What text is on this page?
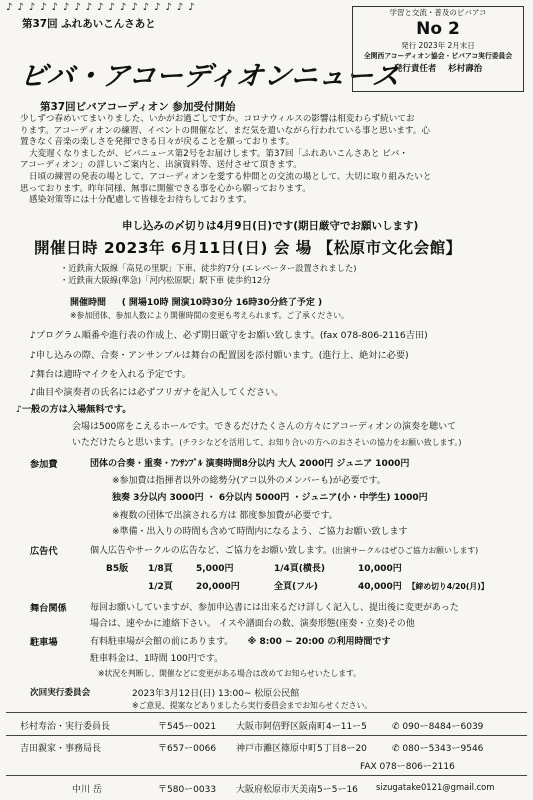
♪♪♪♪♪♪♪♪♪♪♪♪♪♪♪♪♪
第37回 ふれあいこんさあと
ビバ・アコーディオンニュース
学習と交流・普及のビバアコ
No 2
発行 2023年 2月末日
全関西アコーディオン協会・ビバアコ実行委員会
発行責任者 杉村壽治
第37回ビバアコーディオン 参加受付開始

少しずつ春めいてまいりました、いかがお過ごしですか。コロナウィルスの影響は相変わらず続いてお

ります。アコーディオンの練習、イベントの開催など、まだ気を遣いながら行われている事と思います。心

置きなく音楽の楽しさを発揮できる日々が戻ることを願っております。

大変遅くなりましたが、ビバニュース第2号をお届けします。第37回「ふれあいこんさあと ビバ・

アコーディオン」の詳しいご案内と、出演資料等、送付させて頂きます。

日頃の練習の発表の場として、アコーディオンを愛する仲間との交流の場として、大切に取り組みたいと

思っております。昨年同様、無事に開催できる事を心から願っております。

感染対策等には十分配慮して皆様をお待ちしております。

申し込みの〆切りは4月9日(日)です(期日厳守でお願いします)
開催日時 2023年 6月11日(日) 会 場 【松原市文化会館】
・近鉄南大阪線「高見の里駅」下車、徒歩約7分 (エレベーター設置されました)
・近鉄南大阪線(準急)「河内松原駅」駅下車 徒歩約12分
開催時間 ( 開場10時 開演10時30分 16時30分終了予定 )
※参加団体、参加人数により開催時間の変更も考えられます。ご了承ください。
♪プログラム順番や進行表の作成上、必ず期日厳守をお願い致します。(fax 078-806-2116吉田)
♪申し込みの際、合奏・アンサンブルは舞台の配置図を添付願います。(進行上、絶対に必要)
♪舞台は適時マイクを入れる予定です。
♪曲目や演奏者の氏名には必ずフリガナを記入してください。
♪一般の方は入場無料です。
会場は500席をこえるホールです。できるだけたくさんの方々にアコーディオンの演奏を聴いて
いただけたらと思います。(チラシなどを活用して、お知り合いの方へのおさそいの協力をお願い致します。)
参加費	団体の合奏・重奏・ｱﾝｻﾝﾌﾞﾙ 演奏時間8分以内 大人 2000円 ジュニア 1000円
※参加費は指揮者以外の総勢分(アコ以外のメンバーも)が必要です。
独奏 3分以内 3000円 ・ 6分以内 5000円 ・ジュニア(小・中学生) 1000円
※複数の団体で出演される方は 都度参加費が必要です。
※準備・出入りの時間も含めて時間内になるよう、ご協力お願い致します
広告代	個人広告やサークルの広告など、ご協力をお願い致します。(出演サークルはぜひご協力お願いします)
B5版 1/8頁	5,000円	1/4頁(横長)	10,000円
1/2頁	20,000円	全頁(フル)	40,000円 【締め切り4/20(月)】
舞台関係	毎回お願いしていますが、参加申込書には出来るだけ詳しく記入し、提出後に変更があった
場合は、速やかに連絡下さい。 イスや譜面台の数、演奏形態(座奏・立奏)その他
駐車場	有料駐車場が会館の前にあります。 ※ 8:00 ~ 20:00 の利用時間です
駐車料金は、1時間 100円です。
※状況を判断し、開催などに変更がある場合は改めてお知らせいたします。
次回実行委員会	2023年3月12日(日) 13:00~ 松原公民館
※ご意見、提案などありましたら実行委員会までお知らせください。
杉村寿治・実行委員長	〒545ー0021 大阪市阿倍野区阪南町4ー11ー5	✆ 090ー8484ー6039
吉田親家・事務局長	〒657ー0066 神戸市灘区篠原中町5丁目8ー20	✆ 080ー5343ー9546
FAX 078ー806ー2116
中川 岳	〒580ー0033 大阪府松原市天美南5ー5ー16 sizugatake0121@gmail.com
